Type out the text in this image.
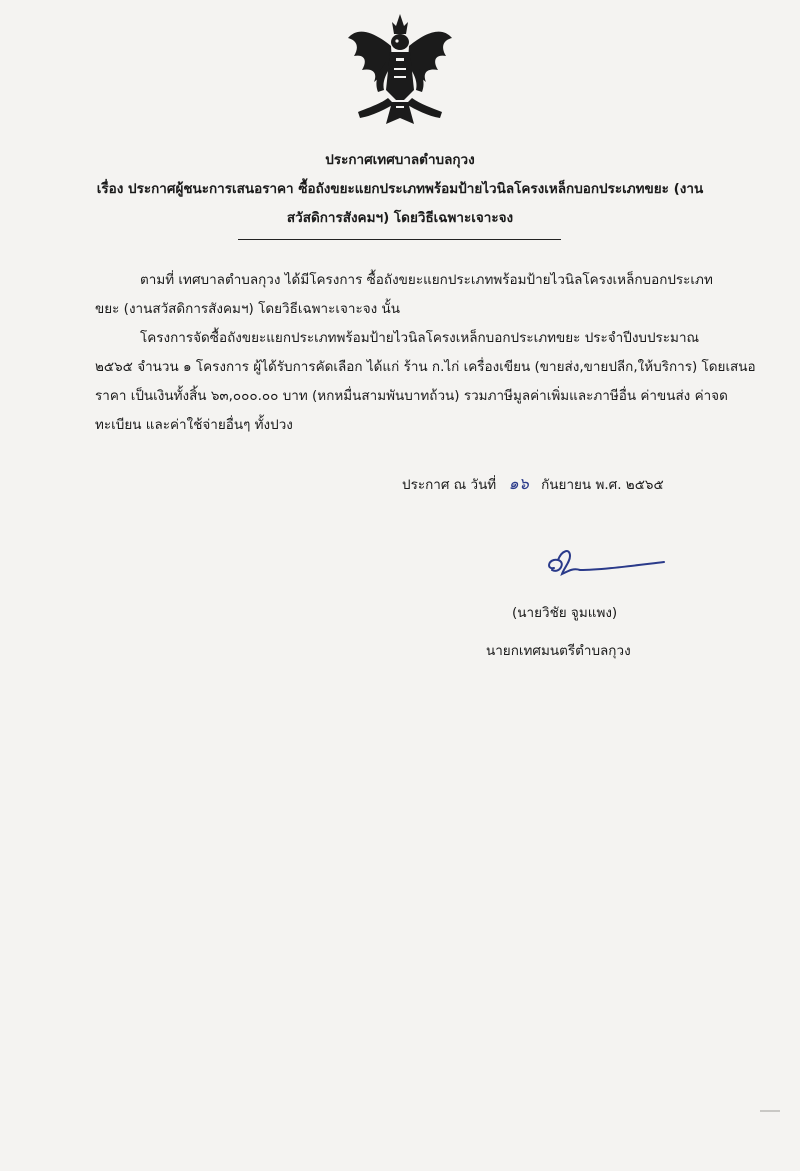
ประกาศเทศบาลตำบลกุวง
เรื่อง ประกาศผู้ชนะการเสนอราคา ซื้อถังขยะแยกประเภทพร้อมป้ายไวนิลโครงเหล็กบอกประเภทขยะ (งาน
สวัสดิการสังคมฯ) โดยวิธีเฉพาะเจาะจง
ตามที่ เทศบาลตำบลกุวง ได้มีโครงการ ซื้อถังขยะแยกประเภทพร้อมป้ายไวนิลโครงเหล็กบอกประเภท
ขยะ (งานสวัสดิการสังคมฯ) โดยวิธีเฉพาะเจาะจง นั้น
โครงการจัดซื้อถังขยะแยกประเภทพร้อมป้ายไวนิลโครงเหล็กบอกประเภทขยะ ประจำปีงบประมาณ
๒๕๖๕ จำนวน ๑ โครงการ ผู้ได้รับการคัดเลือก ได้แก่ ร้าน ก.ไก่ เครื่องเขียน (ขายส่ง,ขายปลีก,ให้บริการ) โดยเสนอ
ราคา เป็นเงินทั้งสิ้น ๖๓,๐๐๐.๐๐ บาท (หกหมื่นสามพันบาทถ้วน) รวมภาษีมูลค่าเพิ่มและภาษีอื่น ค่าขนส่ง ค่าจด
ทะเบียน และค่าใช้จ่ายอื่นๆ ทั้งปวง
ประกาศ ณ วันที่ ๑๖ กันยายน พ.ศ. ๒๕๖๕
(นายวิชัย จูมแพง)
นายกเทศมนตรีตำบลกุวง
